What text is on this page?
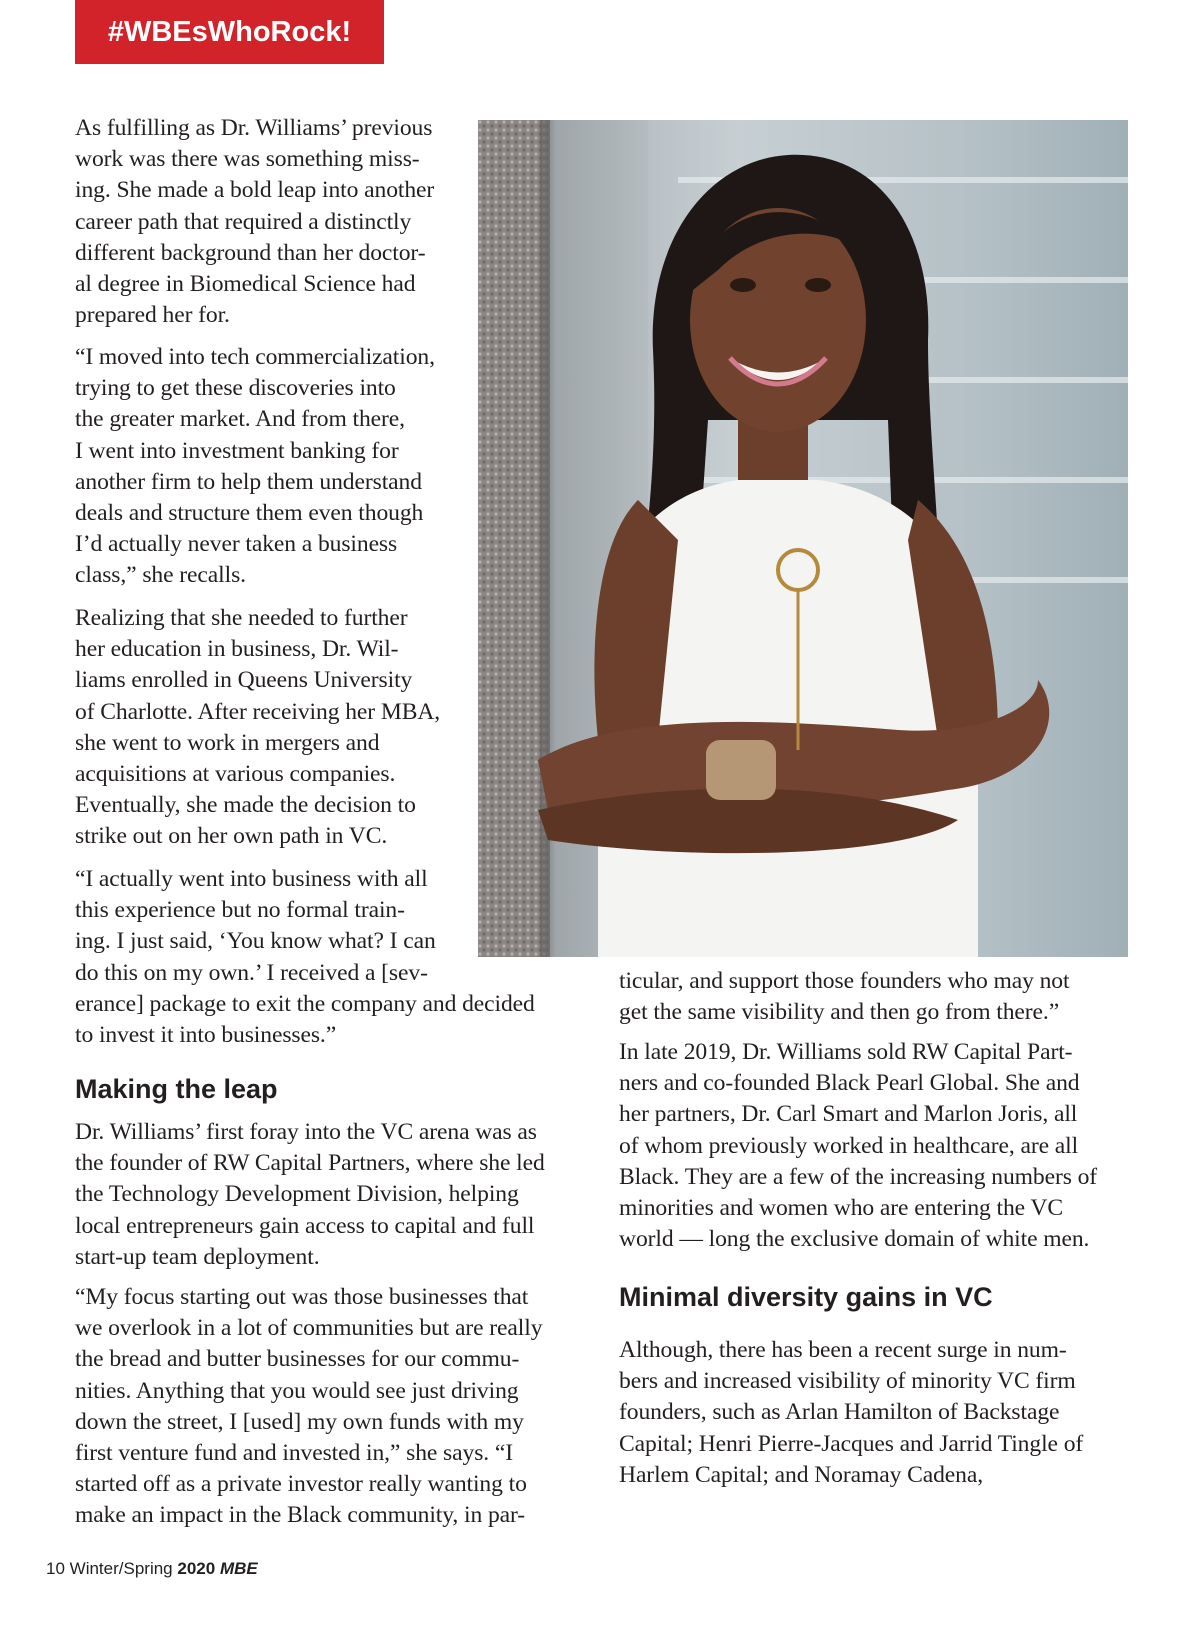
#WBEsWhoRock!

As fulfilling as Dr. Williams’ previous
work was there was something miss-
ing. She made a bold leap into another
career path that required a distinctly
different background than her doctor-
al degree in Biomedical Science had
prepared her for.

“I moved into tech commercialization,
trying to get these discoveries into
the greater market. And from there,
I went into investment banking for
another firm to help them understand
deals and structure them even though
I’d actually never taken a business
class,” she recalls.

Realizing that she needed to further
her education in business, Dr. Wil-
liams enrolled in Queens University
of Charlotte. After receiving her MBA,
she went to work in mergers and
acquisitions at various companies.
Eventually, she made the decision to
strike out on her own path in VC.

“I actually went into business with all
this experience but no formal train-
ing. I just said, ‘You know what? I can
do this on my own.’ I received a [sev-
erance] package to exit the company and decided
to invest it into businesses.”

Making the leap

Dr. Williams’ first foray into the VC arena was as
the founder of RW Capital Partners, where she led
the Technology Development Division, helping
local entrepreneurs gain access to capital and full
start-up team deployment.

“My focus starting out was those businesses that
we overlook in a lot of communities but are really
the bread and butter businesses for our commu-
nities. Anything that you would see just driving
down the street, I [used] my own funds with my
first venture fund and invested in,” she says. “I
started off as a private investor really wanting to
make an impact in the Black community, in par-

ticular, and support those founders who may not
get the same visibility and then go from there.”

In late 2019, Dr. Williams sold RW Capital Part-
ners and co-founded Black Pearl Global. She and
her partners, Dr. Carl Smart and Marlon Joris, all
of whom previously worked in healthcare, are all
Black. They are a few of the increasing numbers of
minorities and women who are entering the VC
world — long the exclusive domain of white men.

Minimal diversity gains in VC

Although, there has been a recent surge in num-
bers and increased visibility of minority VC firm
founders, such as Arlan Hamilton of Backstage
Capital; Henri Pierre-Jacques and Jarrid Tingle of
Harlem Capital; and Noramay Cadena,

10 Winter/Spring 2020 MBE
